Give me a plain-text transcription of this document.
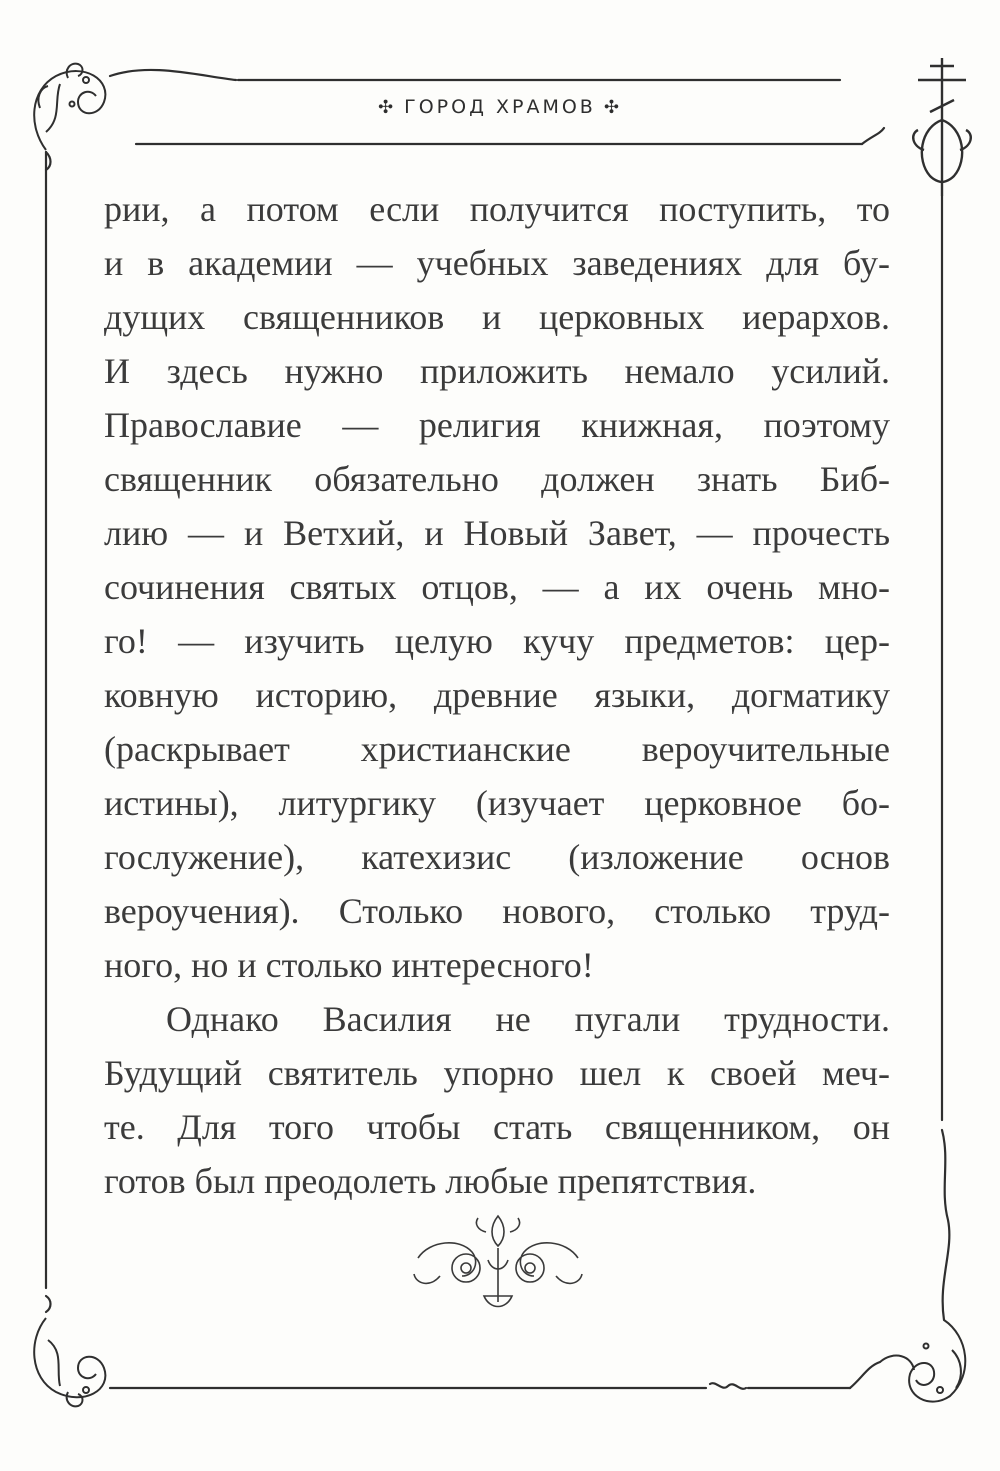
✣ ГОРОД ХРАМОВ ✣
рии, а потом если получится поступить, то
и в академии — учебных заведениях для бу-
дущих священников и церковных иерархов.
И здесь нужно приложить немало усилий.
Православие — религия книжная, поэтому
священник обязательно должен знать Биб-
лию — и Ветхий, и Новый Завет, — прочесть
сочинения святых отцов, — а их очень мно-
го! — изучить целую кучу предметов: цер-
ковную историю, древние языки, догматику
(раскрывает христианские вероучительные
истины), литургику (изучает церковное бо-
гослужение), катехизис (изложение основ
вероучения). Столько нового, столько труд-
ного, но и столько интересного!
Однако Василия не пугали трудности.
Будущий святитель упорно шел к своей меч-
те. Для того чтобы стать священником, он
готов был преодолеть любые препятствия.
